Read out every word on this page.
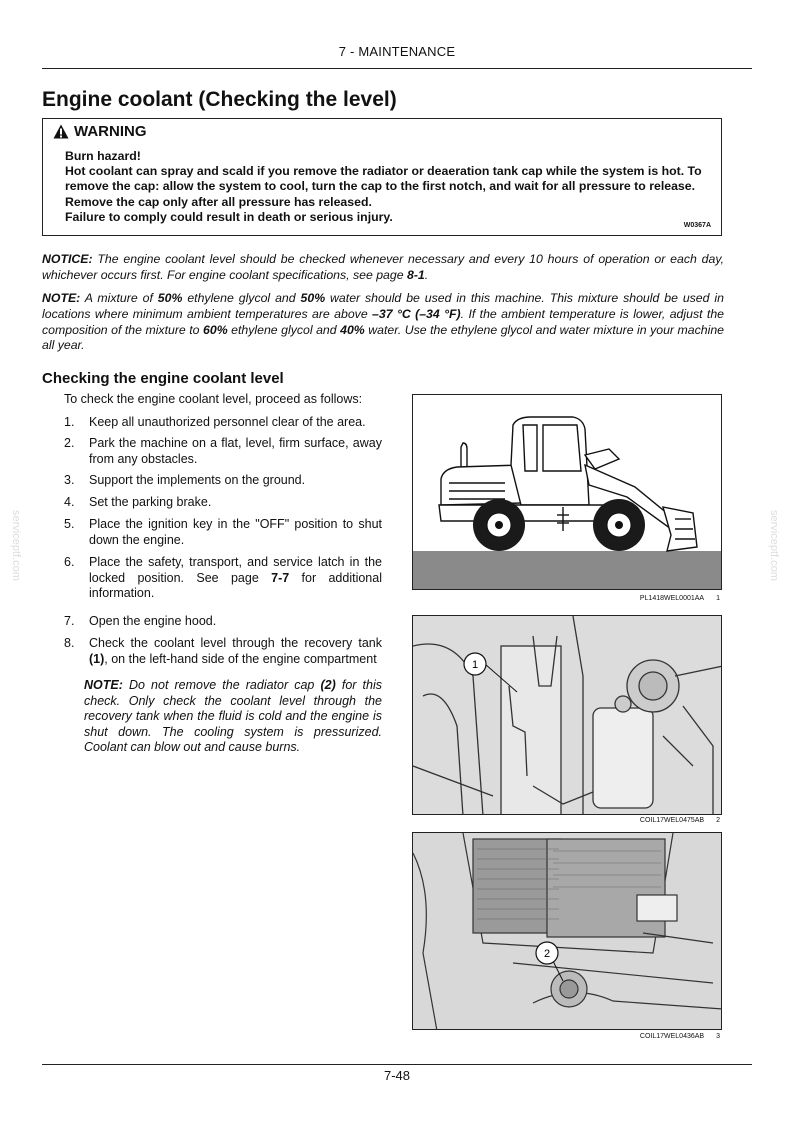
7 - MAINTENANCE
Engine coolant (Checking the level)
WARNING
Burn hazard!
Hot coolant can spray and scald if you remove the radiator or deaeration tank cap while the system is hot. To remove the cap: allow the system to cool, turn the cap to the first notch, and wait for all pressure to release. Remove the cap only after all pressure has released.
Failure to comply could result in death or serious injury.
W0367A
NOTICE: The engine coolant level should be checked whenever necessary and every 10 hours of operation or each day, whichever occurs first. For engine coolant specifications, see page 8-1.
NOTE: A mixture of 50% ethylene glycol and 50% water should be used in this machine. This mixture should be used in locations where minimum ambient temperatures are above –37 °C (–34 °F). If the ambient temperature is lower, adjust the composition of the mixture to 60% ethylene glycol and 40% water. Use the ethylene glycol and water mixture in your machine all year.
Checking the engine coolant level
To check the engine coolant level, proceed as follows:
1. Keep all unauthorized personnel clear of the area.
2. Park the machine on a flat, level, firm surface, away from any obstacles.
3. Support the implements on the ground.
4. Set the parking brake.
5. Place the ignition key in the "OFF" position to shut down the engine.
6. Place the safety, transport, and service latch in the locked position. See page 7-7 for additional information.
7. Open the engine hood.
8. Check the coolant level through the recovery tank (1), on the left-hand side of the engine compartment
NOTE: Do not remove the radiator cap (2) for this check. Only check the coolant level through the recovery tank when the fluid is cold and the engine is shut down. The cooling system is pressurized. Coolant can blow out and cause burns.
PL1418WEL0001AA 1
1
COIL17WEL0475AB 2
2
COIL17WEL0436AB 3
serviceptf.com	serviceptf.com
7-48
